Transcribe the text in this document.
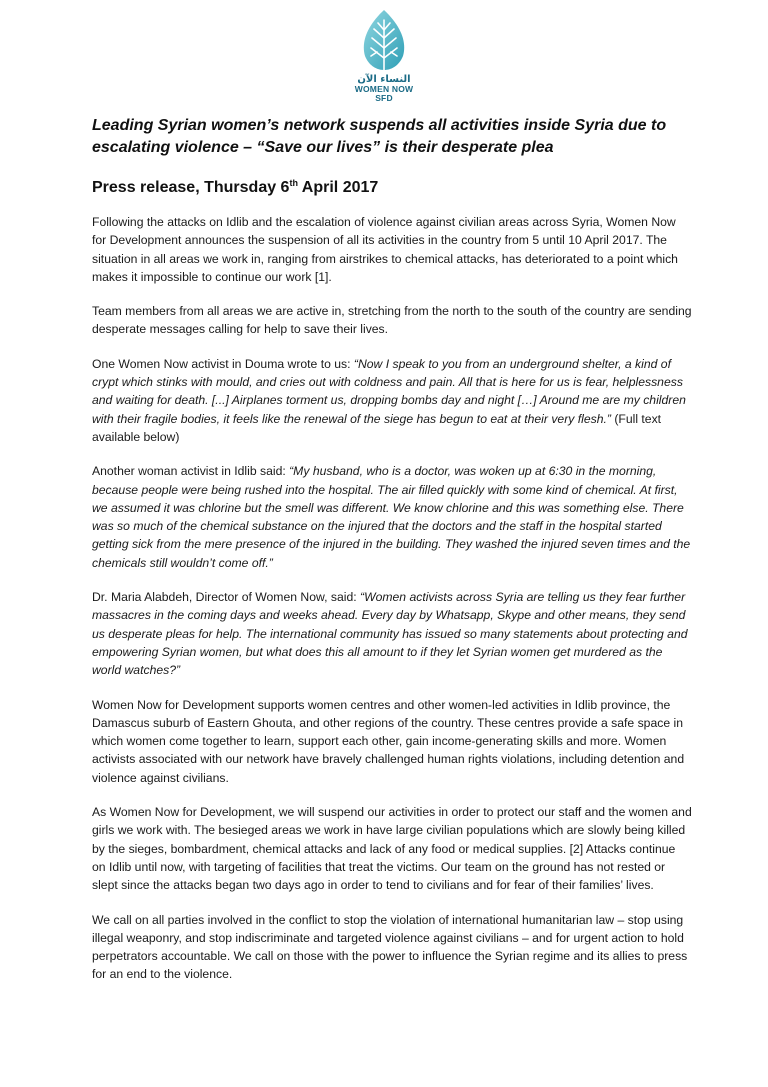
النساء الآن
WOMEN NOW
SFD
Leading Syrian women’s network suspends all activities inside Syria due to escalating violence – “Save our lives” is their desperate plea
Press release, Thursday 6th April 2017

Following the attacks on Idlib and the escalation of violence against civilian areas across Syria, Women Now for Development announces the suspension of all its activities in the country from 5 until 10 April 2017. The situation in all areas we work in, ranging from airstrikes to chemical attacks, has deteriorated to a point which makes it impossible to continue our work [1].

Team members from all areas we are active in, stretching from the north to the south of the country are sending desperate messages calling for help to save their lives.

One Women Now activist in Douma wrote to us: “Now I speak to you from an underground shelter, a kind of crypt which stinks with mould, and cries out with coldness and pain. All that is here for us is fear, helplessness and waiting for death. [...] Airplanes torment us, dropping bombs day and night […] Around me are my children with their fragile bodies, it feels like the renewal of the siege has begun to eat at their very flesh.” (Full text available below)

Another woman activist in Idlib said: “My husband, who is a doctor, was woken up at 6:30 in the morning, because people were being rushed into the hospital. The air filled quickly with some kind of chemical. At first, we assumed it was chlorine but the smell was different. We know chlorine and this was something else. There was so much of the chemical substance on the injured that the doctors and the staff in the hospital started getting sick from the mere presence of the injured in the building. They washed the injured seven times and the chemicals still wouldn’t come off.”

Dr. Maria Alabdeh, Director of Women Now, said: “Women activists across Syria are telling us they fear further massacres in the coming days and weeks ahead. Every day by Whatsapp, Skype and other means, they send us desperate pleas for help. The international community has issued so many statements about protecting and empowering Syrian women, but what does this all amount to if they let Syrian women get murdered as the world watches?”

Women Now for Development supports women centres and other women-led activities in Idlib province, the Damascus suburb of Eastern Ghouta, and other regions of the country. These centres provide a safe space in which women come together to learn, support each other, gain income-generating skills and more. Women activists associated with our network have bravely challenged human rights violations, including detention and violence against civilians.

As Women Now for Development, we will suspend our activities in order to protect our staff and the women and girls we work with. The besieged areas we work in have large civilian populations which are slowly being killed by the sieges, bombardment, chemical attacks and lack of any food or medical supplies. [2] Attacks continue on Idlib until now, with targeting of facilities that treat the victims. Our team on the ground has not rested or slept since the attacks began two days ago in order to tend to civilians and for fear of their families’ lives.

We call on all parties involved in the conflict to stop the violation of international humanitarian law – stop using illegal weaponry, and stop indiscriminate and targeted violence against civilians – and for urgent action to hold perpetrators accountable. We call on those with the power to influence the Syrian regime and its allies to press for an end to the violence.
